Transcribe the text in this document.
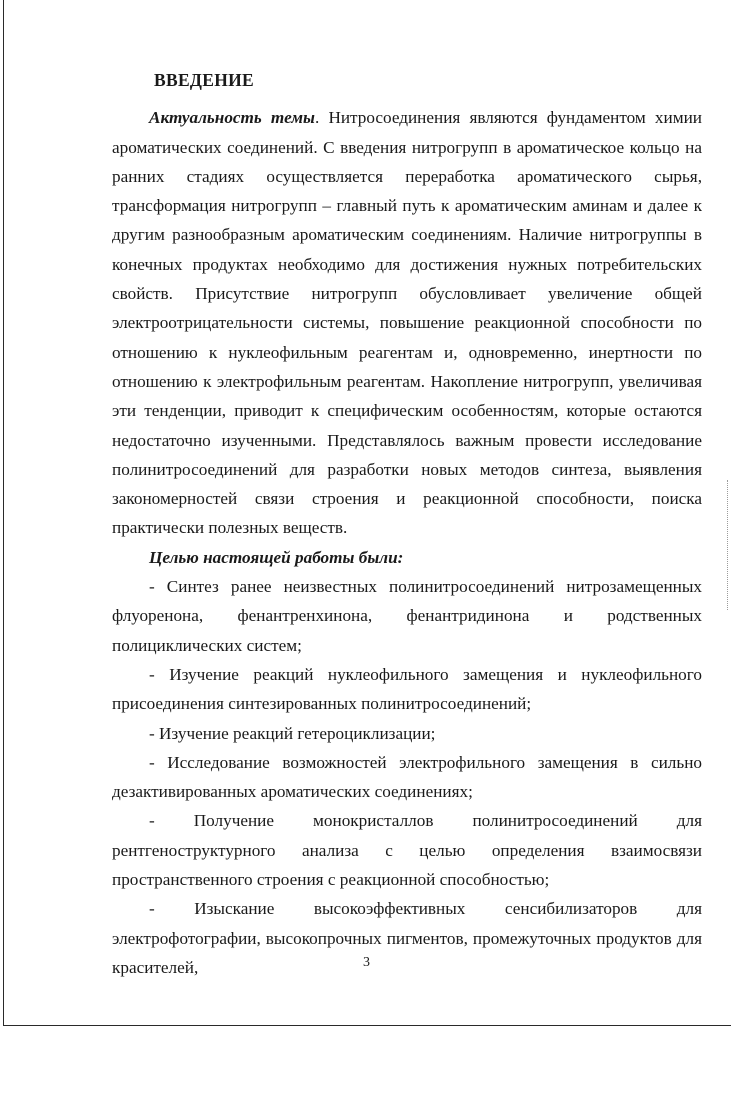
ВВЕДЕНИЕ

Актуальность темы. Нитросоединения являются фундаментом химии ароматических соединений. С введения нитрогрупп в ароматическое кольцо на ранних стадиях осуществляется переработка ароматического сырья, трансформация нитрогрупп – главный путь к ароматическим аминам и далее к другим разнообразным ароматическим соединениям. Наличие нитрогруппы в конечных продуктах необходимо для достижения нужных потребительских свойств. Присутствие нитрогрупп обусловливает увеличение общей электроотрицательности системы, повышение реакционной способности по отношению к нуклеофильным реагентам и, одновременно, инертности по отношению к электрофильным реагентам. Накопление нитрогрупп, увеличивая эти тенденции, приводит к специфическим особенностям, которые остаются недостаточно изученными. Представлялось важным провести исследование полинитросоединений для разработки новых методов синтеза, выявления закономерностей связи строения и реакционной способности, поиска практически полезных веществ.

Целью настоящей работы были:

- Синтез ранее неизвестных полинитросоединений нитрозамещенных флуоренона, фенантренхинона, фенантридинона и родственных полициклических систем;

- Изучение реакций нуклеофильного замещения и нуклеофильного присоединения синтезированных полинитросоединений;

- Изучение реакций гетероциклизации;

- Исследование возможностей электрофильного замещения в сильно дезактивированных ароматических соединениях;

- Получение монокристаллов полинитросоединений для рентгеноструктурного анализа с целью определения взаимосвязи пространственного строения с реакционной способностью;

- Изыскание высокоэффективных сенсибилизаторов для электрофотографии, высокопрочных пигментов, промежуточных продуктов для красителей,	3
